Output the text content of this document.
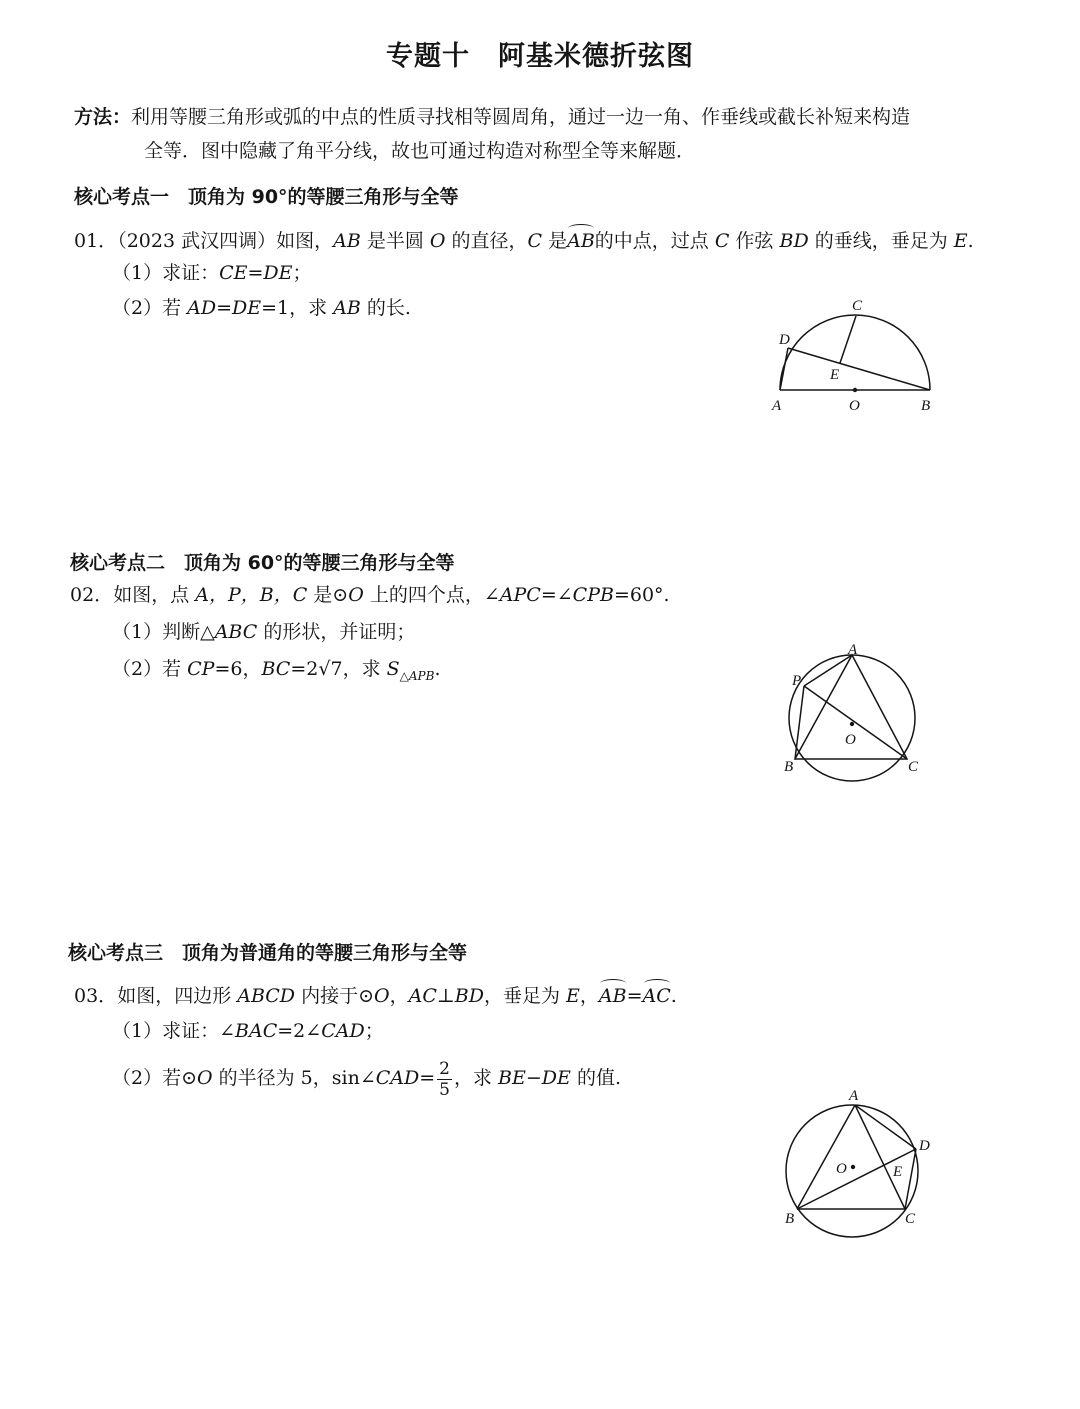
专题十　阿基米德折弦图
方法：利用等腰三角形或弧的中点的性质寻找相等圆周角，通过一边一角、作垂线或截长补短来构造
全等．图中隐藏了角平分线，故也可通过构造对称型全等来解题．
核心考点一　顶角为 90°的等腰三角形与全等
01．（2023 武汉四调）如图，AB 是半圆 O 的直径，C 是AB的中点，过点 C 作弦 BD 的垂线，垂足为 E.
（1）求证：CE=DE；
（2）若 AD=DE=1，求 AB 的长.
A	O	B
C
D
E
核心考点二　顶角为 60°的等腰三角形与全等
02．如图，点 A，P，B，C 是⊙O 上的四个点，∠APC=∠CPB=60°.
（1）判断△ABC 的形状，并证明；
（2）若 CP=6，BC=2√7，求 $S_{\triangle APB}$.
A
P
O
B	C
核心考点三　顶角为普通角的等腰三角形与全等
03．如图，四边形 ABCD 内接于⊙O，AC⊥BD，垂足为 E，AB=AC.
（1）求证：∠BAC=2∠CAD；
（2）若⊙O 的半径为 5，sin∠CAD= $\frac{2}{5}$ ，求 BE−DE 的值.
A
O
D
E
B	C
